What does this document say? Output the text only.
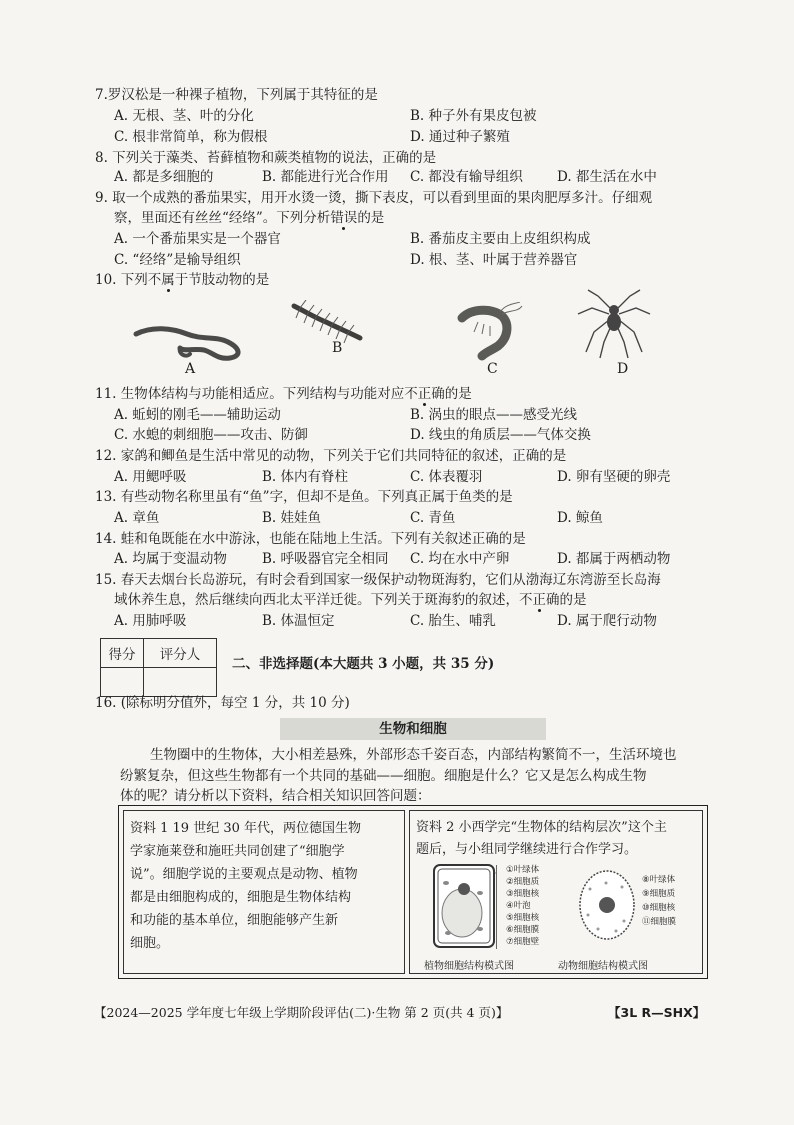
7.罗汉松是一种裸子植物，下列属于其特征的是
A. 无根、茎、叶的分化	B. 种子外有果皮包被
C. 根非常简单，称为假根	D. 通过种子繁殖
8. 下列关于藻类、苔藓植物和蕨类植物的说法，正确的是
A. 都是多细胞的	B. 都能进行光合作用 C. 都没有输导组织	D. 都生活在水中
9. 取一个成熟的番茄果实，用开水烫一烫，撕下表皮，可以看到里面的果肉肥厚多汁。仔细观
察，里面还有丝丝“经络”。下列分析错误的是
A. 一个番茄果实是一个器官	B. 番茄皮主要由上皮组织构成
C. “经络”是输导组织	D. 根、茎、叶属于营养器官
10. 下列不属于节肢动物的是
A
B
C	D
11. 生物体结构与功能相适应。下列结构与功能对应不正确的是
A. 蚯蚓的刚毛——辅助运动	B. 涡虫的眼点——感受光线
C. 水螅的刺细胞——攻击、防御	D. 线虫的角质层——气体交换
12. 家鸽和鲫鱼是生活中常见的动物，下列关于它们共同特征的叙述，正确的是
A. 用鳃呼吸	B. 体内有脊柱	C. 体表覆羽	D. 卵有坚硬的卵壳
13. 有些动物名称里虽有“鱼”字，但却不是鱼。下列真正属于鱼类的是
A. 章鱼	B. 娃娃鱼	C. 青鱼	D. 鲸鱼
14. 蛙和龟既能在水中游泳，也能在陆地上生活。下列有关叙述正确的是
A. 均属于变温动物	B. 呼吸器官完全相同 C. 均在水中产卵	D. 都属于两栖动物
15. 春天去烟台长岛游玩，有时会看到国家一级保护动物斑海豹，它们从渤海辽东湾游至长岛海
域休养生息，然后继续向西北太平洋迁徙。下列关于斑海豹的叙述，不正确的是
A. 用肺呼吸	B. 体温恒定	C. 胎生、哺乳	D. 属于爬行动物
得分	评分人

二、非选择题(本大题共 3 小题，共 35 分)
16. (除标明分值外，每空 1 分，共 10 分)
生物和细胞
生物圈中的生物体，大小相差悬殊，外部形态千姿百态，内部结构繁简不一，生活环境也
纷繁复杂，但这些生物都有一个共同的基础——细胞。细胞是什么？它又是怎么构成生物
体的呢？请分析以下资料，结合相关知识回答问题：
资料 1 19 世纪 30 年代，两位德国生物
学家施莱登和施旺共同创建了“细胞学
说”。细胞学说的主要观点是动物、植物
都是由细胞构成的，细胞是生物体结构
和功能的基本单位，细胞能够产生新
细胞。
资料 2 小西学完“生物体的结构层次”这个主
题后，与小组同学继续进行合作学习。
①叶绿体
②细胞质
③细胞核
④叶泡
⑤细胞核
⑥细胞膜
⑦细胞壁
植物细胞结构模式图
⑧叶绿体
⑨细胞质
⑩细胞核
⑪细胞膜
动物细胞结构模式图
【2024—2025 学年度七年级上学期阶段评估(二)·生物 第 2 页(共 4 页)】	【3L R—SHX】
